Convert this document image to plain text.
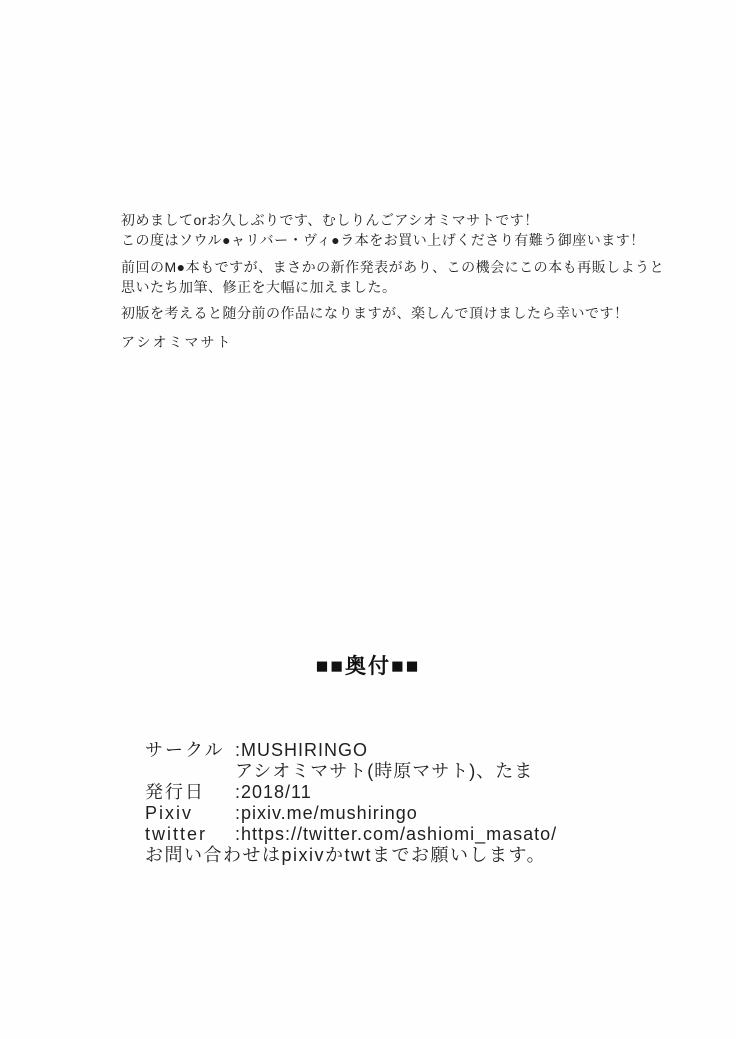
初めましてorお久しぶりです、むしりんごアシオミマサトです！
この度はソウル●ャリバー・ヴィ●ラ本をお買い上げくださり有難う御座います！

前回のM●本もですが、まさかの新作発表があり、この機会にこの本も再販しようと
思いたち加筆、修正を大幅に加えました。

初版を考えると随分前の作品になりますが、楽しんで頂けましたら幸いです！

アシオミマサト

■■奥付■■
サークル :MUSHIRINGO
アシオミマサト(時原マサト)、たま
発行日	:2018/11
Pixiv	:pixiv.me/mushiringo
twitter	:https://twitter.com/ashiomi_masato/
お問い合わせはpixivかtwtまでお願いします。
